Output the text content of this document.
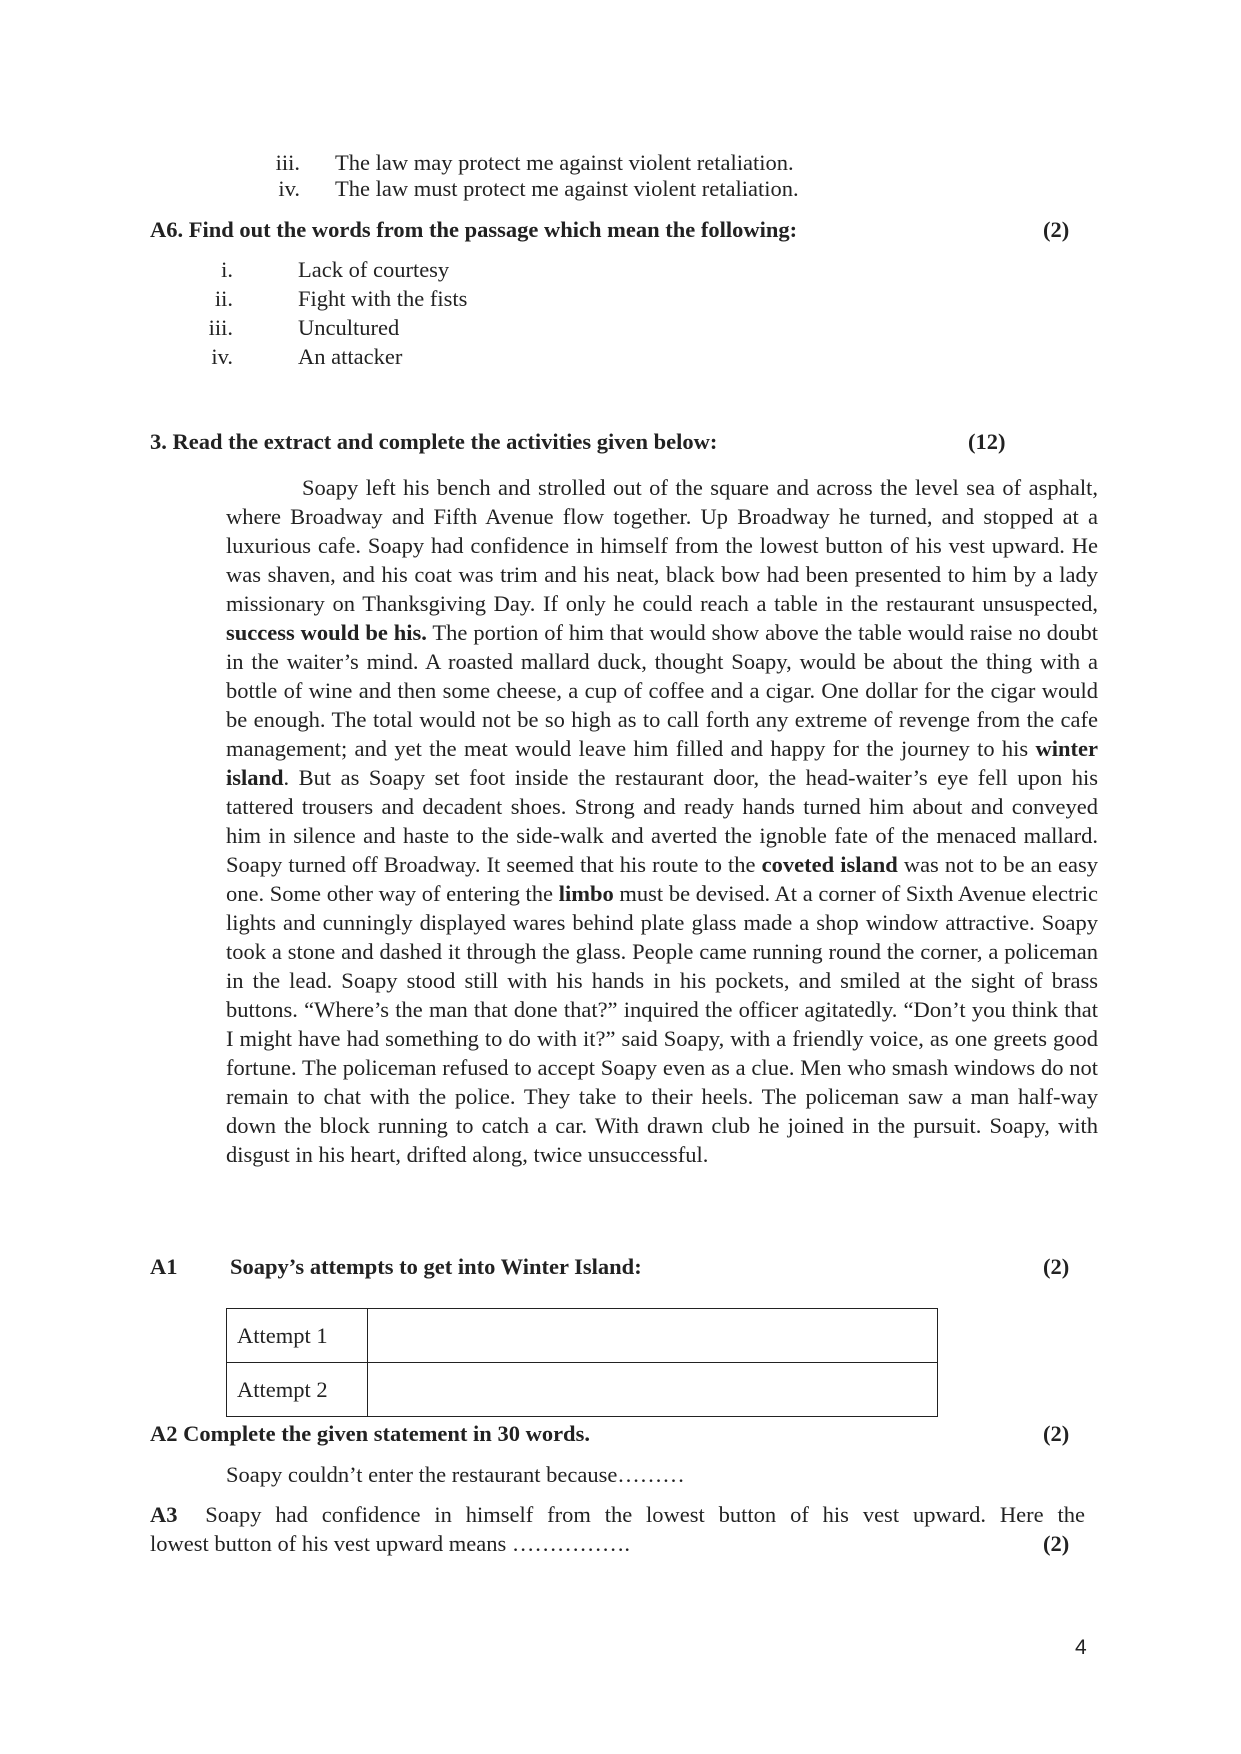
iii. The law may protect me against violent retaliation.
iv. The law must protect me against violent retaliation.
A6. Find out the words from the passage which mean the following:	(2)
i.	Lack of courtesy
ii.	Fight with the fists
iii.	Uncultured
iv.	An attacker
3. Read the extract and complete the activities given below:	(12)

Soapy left his bench and strolled out of the square and across the level sea of asphalt, where Broadway and Fifth Avenue flow together. Up Broadway he turned, and stopped at a luxurious cafe. Soapy had confidence in himself from the lowest button of his vest upward. He was shaven, and his coat was trim and his neat, black bow had been presented to him by a lady missionary on Thanksgiving Day. If only he could reach a table in the restaurant unsuspected, success would be his. The portion of him that would show above the table would raise no doubt in the waiter’s mind. A roasted mallard duck, thought Soapy, would be about the thing with a bottle of wine and then some cheese, a cup of coffee and a cigar. One dollar for the cigar would be enough. The total would not be so high as to call forth any extreme of revenge from the cafe management; and yet the meat would leave him filled and happy for the journey to his winter island. But as Soapy set foot inside the restaurant door, the head-waiter’s eye fell upon his tattered trousers and decadent shoes. Strong and ready hands turned him about and conveyed him in silence and haste to the side-walk and averted the ignoble fate of the menaced mallard. Soapy turned off Broadway. It seemed that his route to the coveted island was not to be an easy one. Some other way of entering the limbo must be devised. At a corner of Sixth Avenue electric lights and cunningly displayed wares behind plate glass made a shop window attractive. Soapy took a stone and dashed it through the glass. People came running round the corner, a policeman in the lead. Soapy stood still with his hands in his pockets, and smiled at the sight of brass buttons. “Where’s the man that done that?” inquired the officer agitatedly. “Don’t you think that I might have had something to do with it?” said Soapy, with a friendly voice, as one greets good fortune. The policeman refused to accept Soapy even as a clue. Men who smash windows do not remain to chat with the police. They take to their heels. The policeman saw a man half-way down the block running to catch a car. With drawn club he joined in the pursuit. Soapy, with disgust in his heart, drifted along, twice unsuccessful.

A1 Soapy’s attempts to get into Winter Island:	(2)
Attempt 1	
Attempt 2	
A2 Complete the given statement in 30 words.	(2)
Soapy couldn’t enter the restaurant because………
A3 Soapy had confidence in himself from the lowest button of his vest upward. Here the
lowest button of his vest upward means …………….	(2)
4
